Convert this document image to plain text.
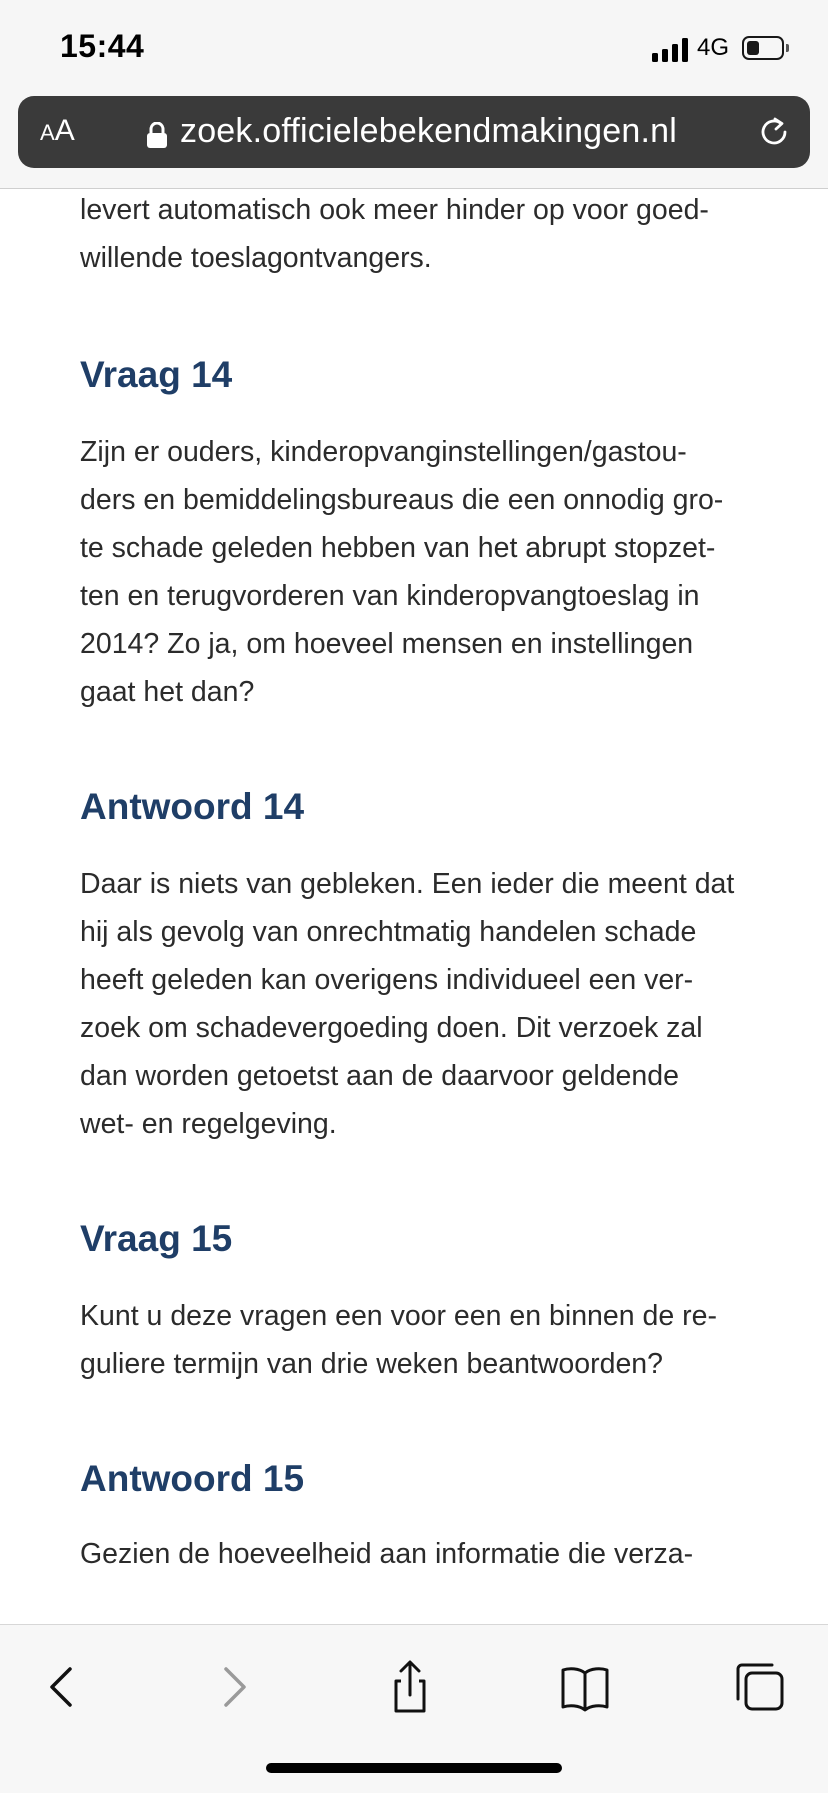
15:44	4G
AA	zoek.officielebekendmakingen.nl

levert automatisch ook meer hinder op voor goed-
willende toeslagontvangers.

Vraag 14

Zijn er ouders, kinderopvanginstellingen/gastou-
ders en bemiddelingsbureaus die een onnodig gro-
te schade geleden hebben van het abrupt stopzet-
ten en terugvorderen van kinderopvangtoeslag in
2014? Zo ja, om hoeveel mensen en instellingen
gaat het dan?

Antwoord 14

Daar is niets van gebleken. Een ieder die meent dat
hij als gevolg van onrechtmatig handelen schade
heeft geleden kan overigens individueel een ver-
zoek om schadevergoeding doen. Dit verzoek zal
dan worden getoetst aan de daarvoor geldende
wet- en regelgeving.

Vraag 15

Kunt u deze vragen een voor een en binnen de re-
guliere termijn van drie weken beantwoorden?

Antwoord 15

Gezien de hoeveelheid aan informatie die verza-
